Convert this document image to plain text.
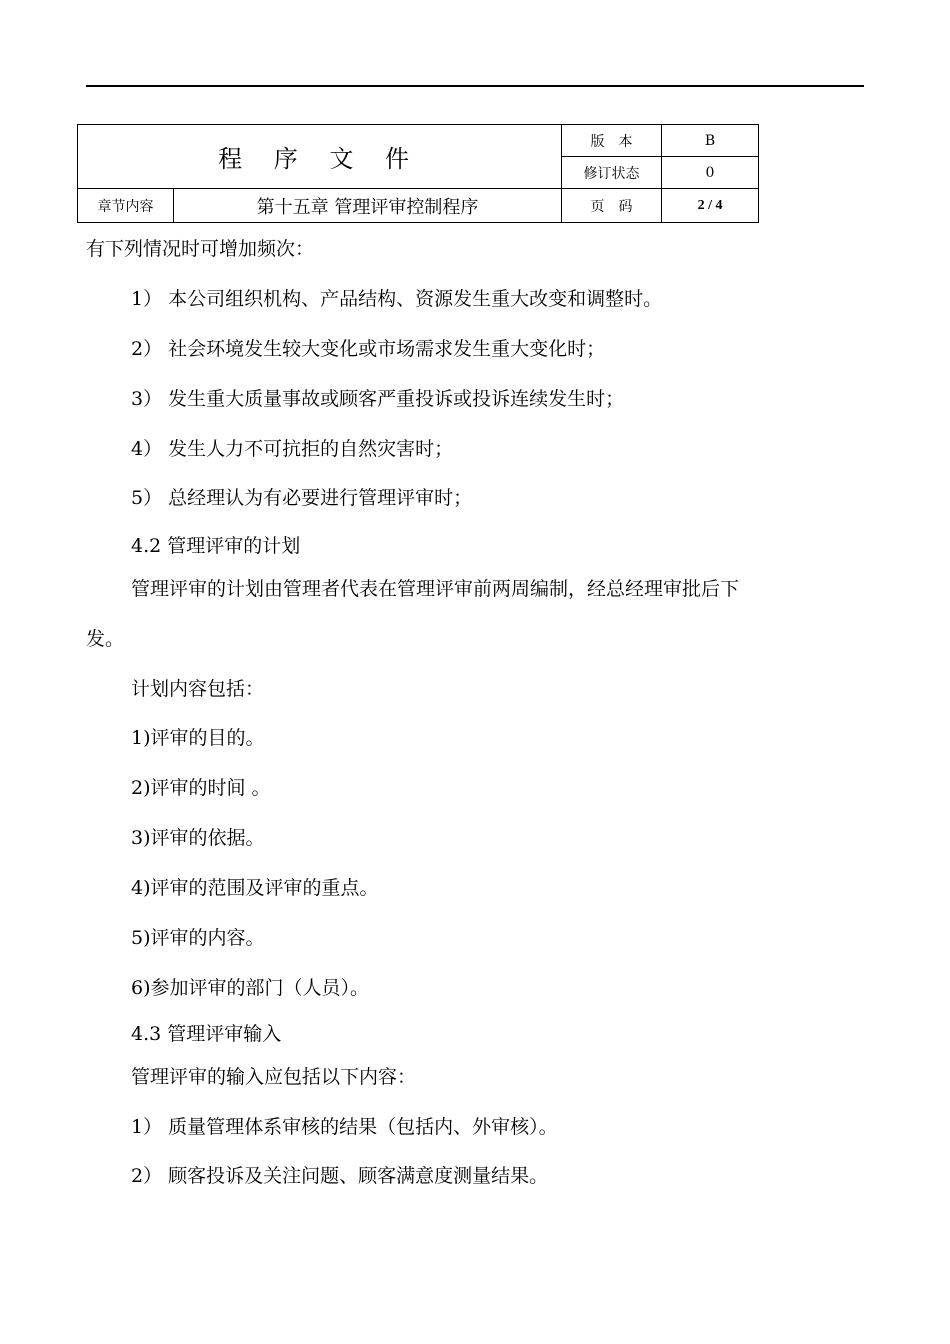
程 序 文 件		版　本	B
		修订状态	0
章节内容	第十五章 管理评审控制程序	页　码	2 / 4
有下列情况时可增加频次：
1） 本公司组织机构、产品结构、资源发生重大改变和调整时。
2） 社会环境发生较大变化或市场需求发生重大变化时；
3） 发生重大质量事故或顾客严重投诉或投诉连续发生时；
4） 发生人力不可抗拒的自然灾害时；
5） 总经理认为有必要进行管理评审时；
4.2 管理评审的计划
管理评审的计划由管理者代表在管理评审前两周编制，经总经理审批后下
发。
计划内容包括：
1)评审的目的。
2)评审的时间 。
3)评审的依据。
4)评审的范围及评审的重点。
5)评审的内容。
6)参加评审的部门（人员）。
4.3 管理评审输入
管理评审的输入应包括以下内容：
1） 质量管理体系审核的结果（包括内、外审核）。
2） 顾客投诉及关注问题、顾客满意度测量结果。
